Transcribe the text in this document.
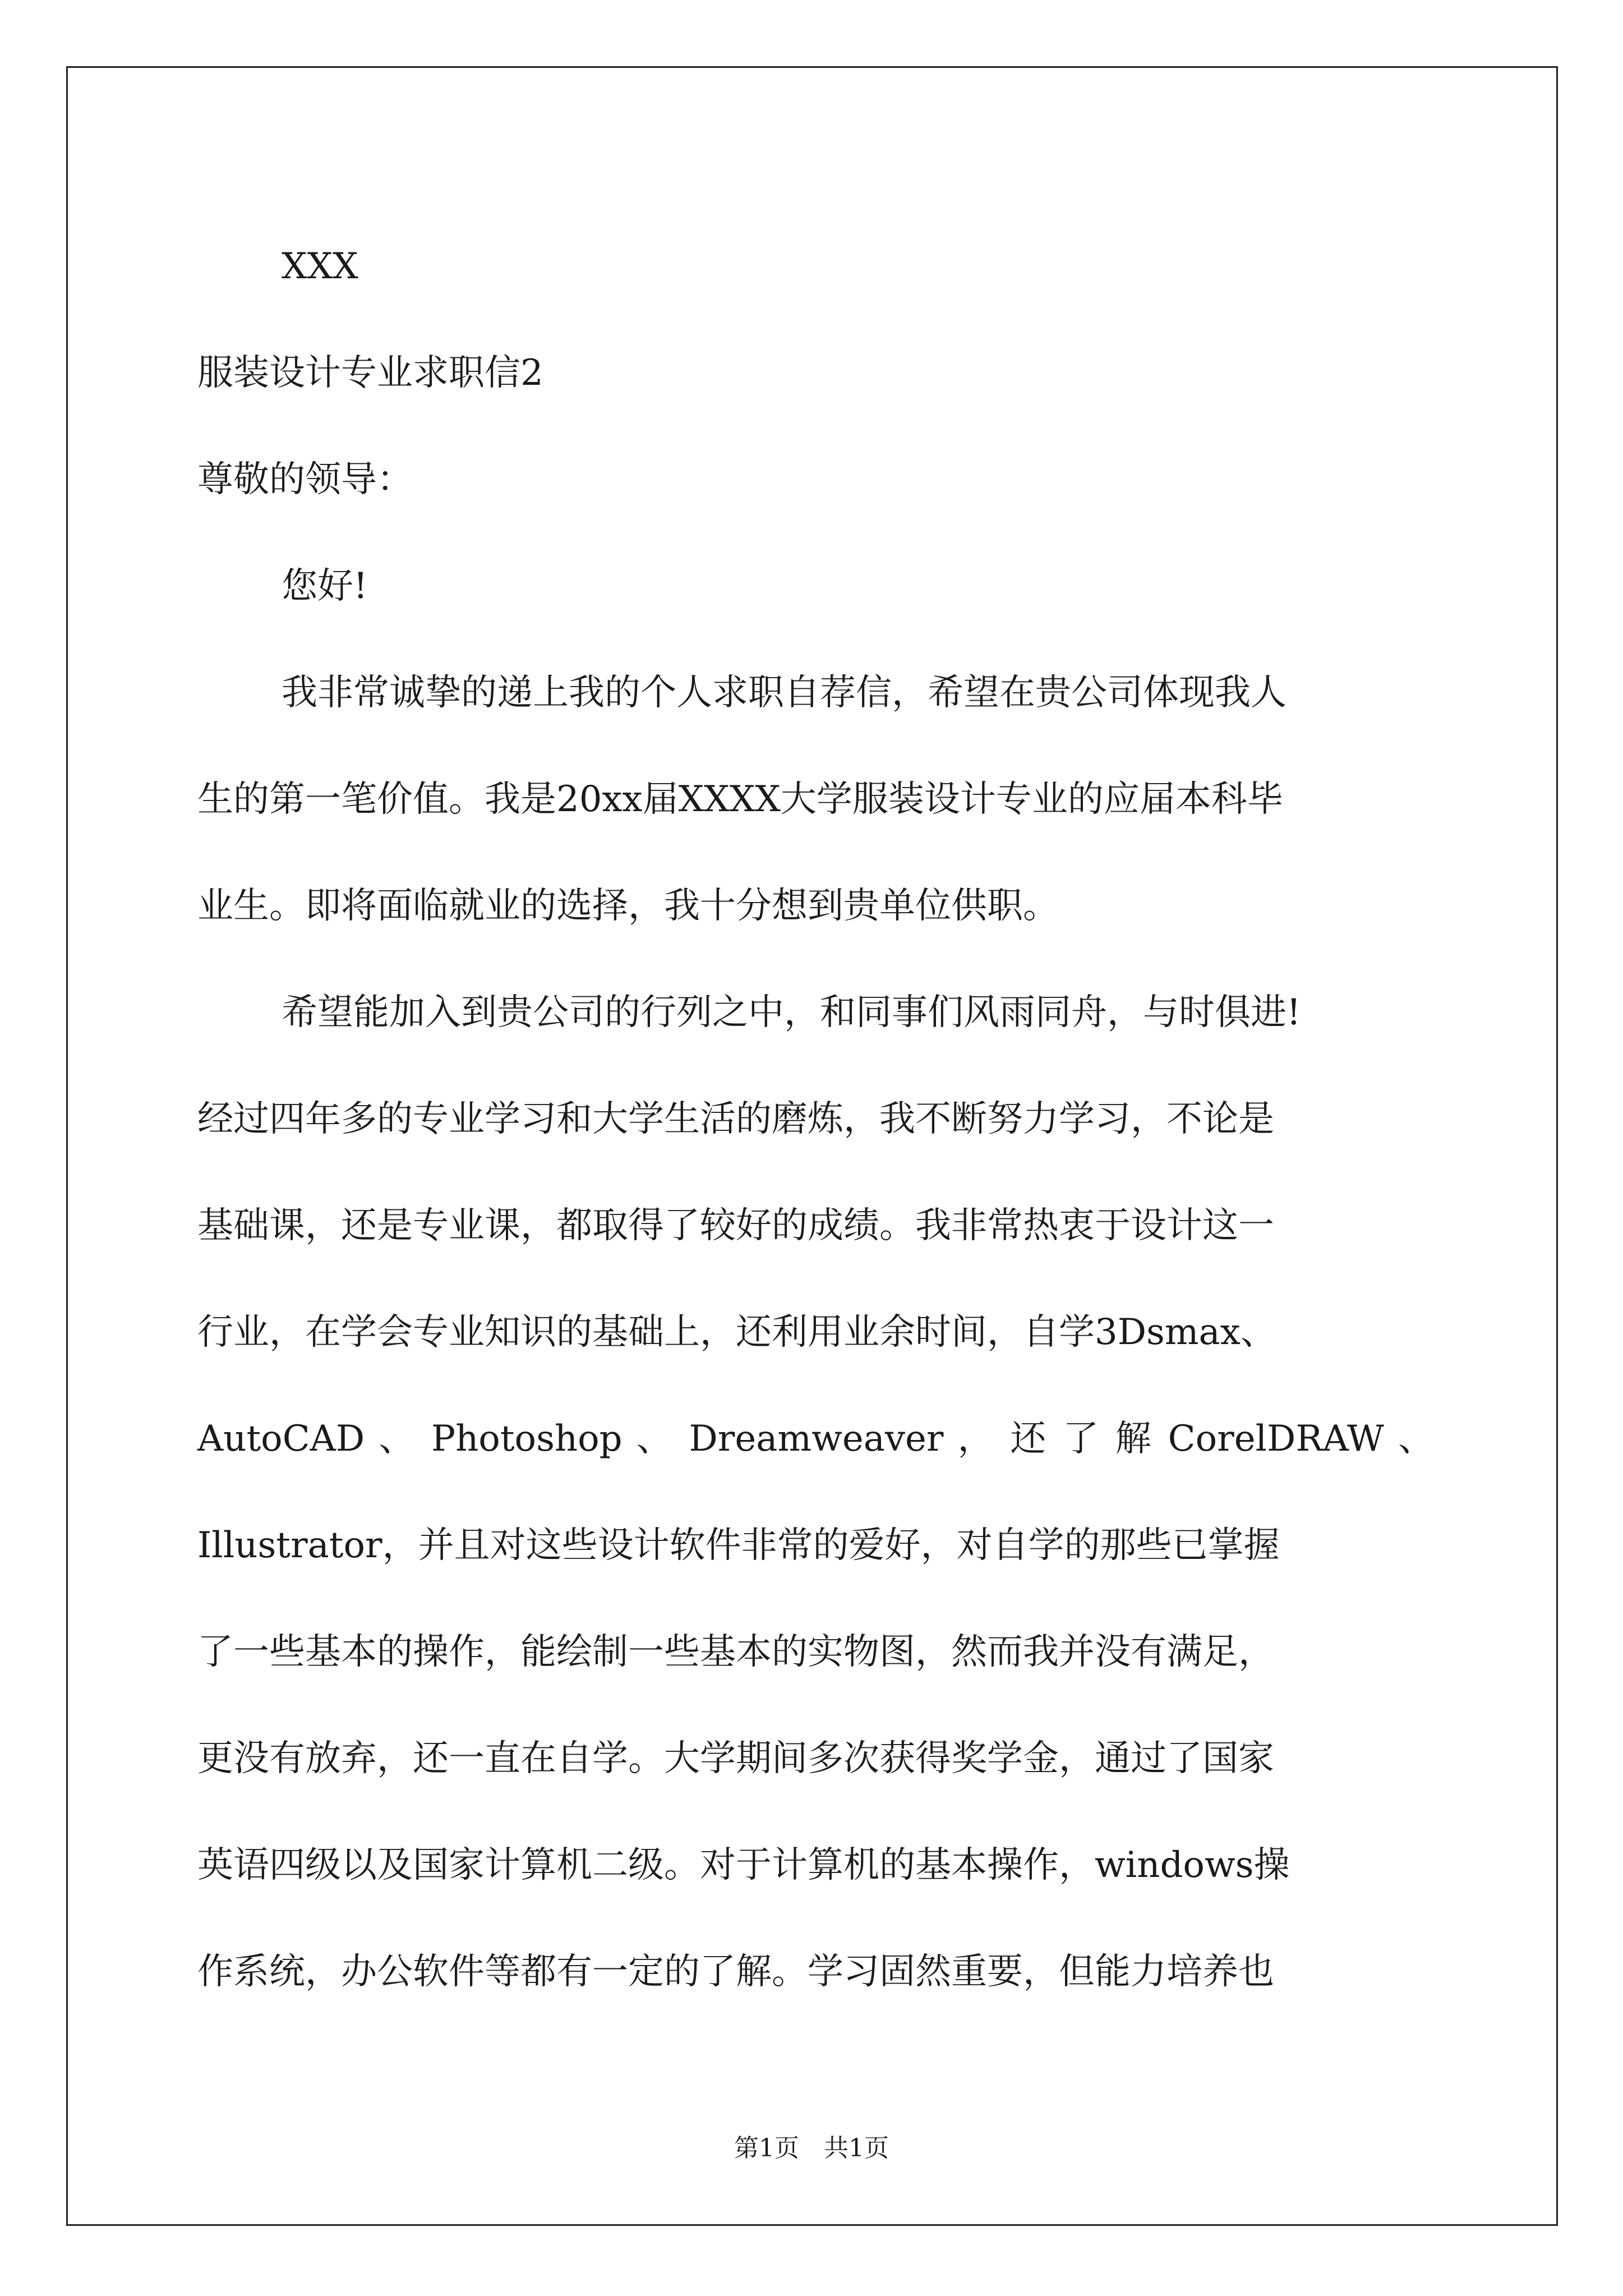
XXX
服装设计专业求职信2
尊敬的领导：
您好!
我非常诚挚的递上我的个人求职自荐信，希望在贵公司体现我人
生的第一笔价值。我是20xx届XXXX大学服装设计专业的应届本科毕
业生。即将面临就业的选择，我十分想到贵单位供职。
希望能加入到贵公司的行列之中，和同事们风雨同舟，与时俱进!
经过四年多的专业学习和大学生活的磨炼，我不断努力学习，不论是
基础课，还是专业课，都取得了较好的成绩。我非常热衷于设计这一
行业，在学会专业知识的基础上，还利用业余时间，自学3Dsmax、
AutoCAD 、 Photoshop 、 Dreamweaver ， 还 了 解 CorelDRAW 、
Illustrator，并且对这些设计软件非常的爱好，对自学的那些已掌握
了一些基本的操作，能绘制一些基本的实物图，然而我并没有满足，
更没有放弃，还一直在自学。大学期间多次获得奖学金，通过了国家
英语四级以及国家计算机二级。对于计算机的基本操作，windows操
作系统，办公软件等都有一定的了解。学习固然重要，但能力培养也
第1页　共1页
